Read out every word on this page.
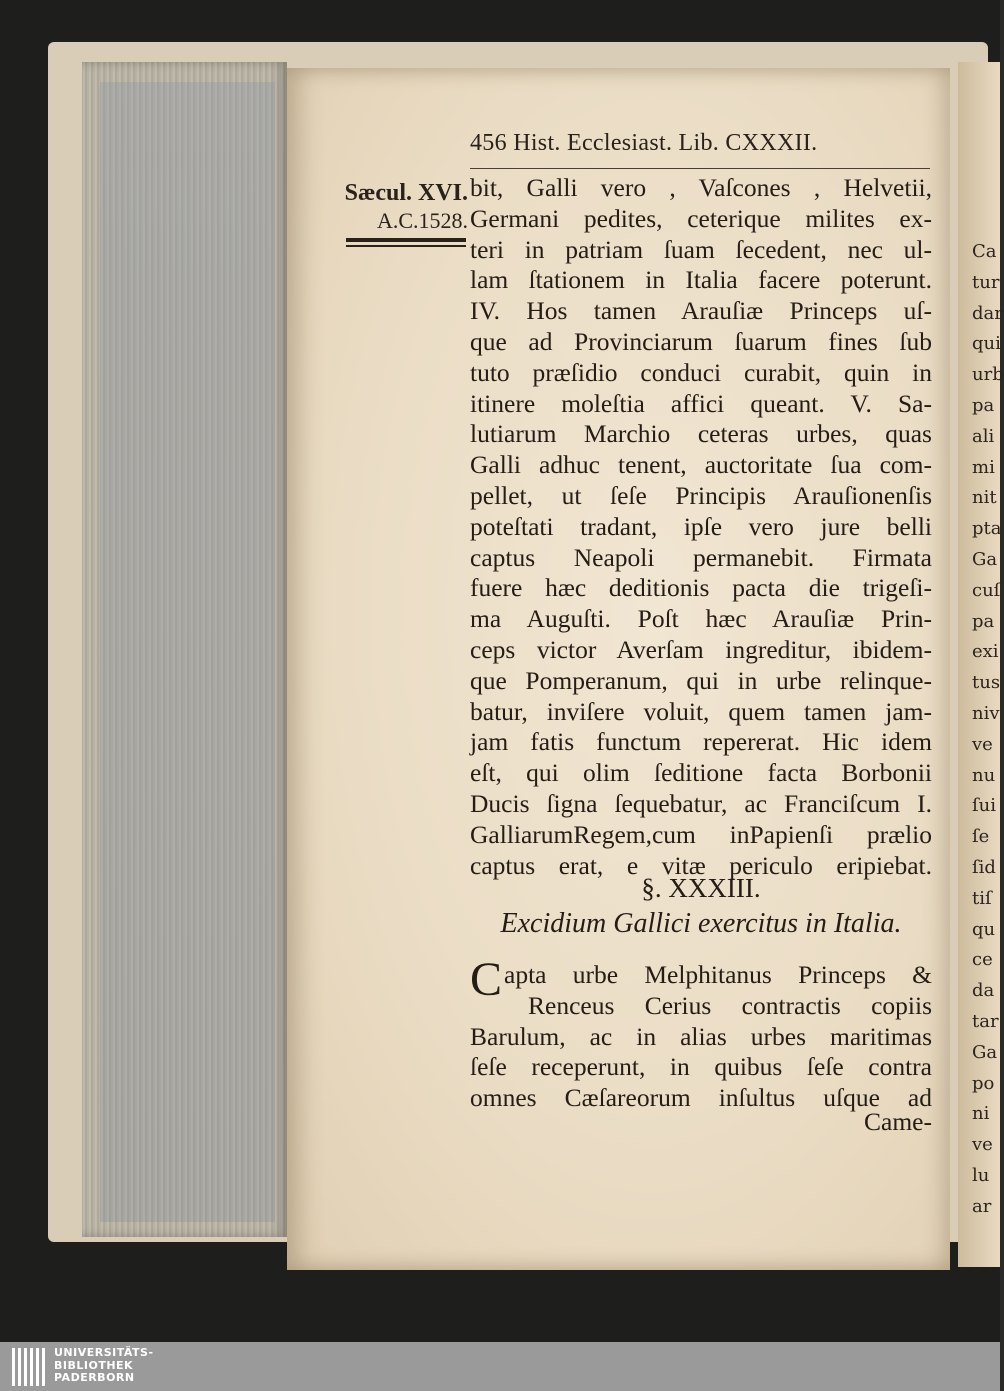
Ca
tur
dar
qui
urb
pa
ali
mi
nit
pta
Ga
cuſ
pa
exi
tus
niv
ve
nu
ſui
ſe
ſid
tiſ
qu
ce
da
tar
Ga
po
ni
ve
lu
ar
456 Hist. Ecclesiast. Lib. CXXXII.
Sæcul. XVI.
A.C.1528.
bit, Galli vero , Vaſcones , Helvetii,
Germani pedites, ceterique milites ex-
teri in patriam ſuam ſecedent, nec ul-
lam ſtationem in Italia facere poterunt.
IV. Hos tamen Arauſiæ Princeps uſ-
que ad Provinciarum ſuarum fines ſub
tuto præſidio conduci curabit, quin in
itinere moleſtia affici queant. V. Sa-
lutiarum Marchio ceteras urbes, quas
Galli adhuc tenent, auctoritate ſua com-
pellet, ut ſeſe Principis Arauſionenſis
poteſtati tradant, ipſe vero jure belli
captus Neapoli permanebit. Firmata
fuere hæc deditionis pacta die trigeſi-
ma Auguſti. Poſt hæc Arauſiæ Prin-
ceps victor Averſam ingreditur, ibidem-
que Pomperanum, qui in urbe relinque-
batur, inviſere voluit, quem tamen jam-
jam fatis functum repererat. Hic idem
eſt, qui olim ſeditione facta Borbonii
Ducis ſigna ſequebatur, ac Franciſcum I.
GalliarumRegem,cum inPapienſi prælio
captus erat, e vitæ periculo eripiebat.
§. XXXIII.
Excidium Gallici exercitus in Italia.
Capta urbe Melphitanus Princeps &
Renceus Cerius contractis copiis
Barulum, ac in alias urbes maritimas
ſeſe receperunt, in quibus ſeſe contra
omnes Cæſareorum inſultus uſque ad
Came-
UNIVERSITÄTS-
BIBLIOTHEK
PADERBORN
